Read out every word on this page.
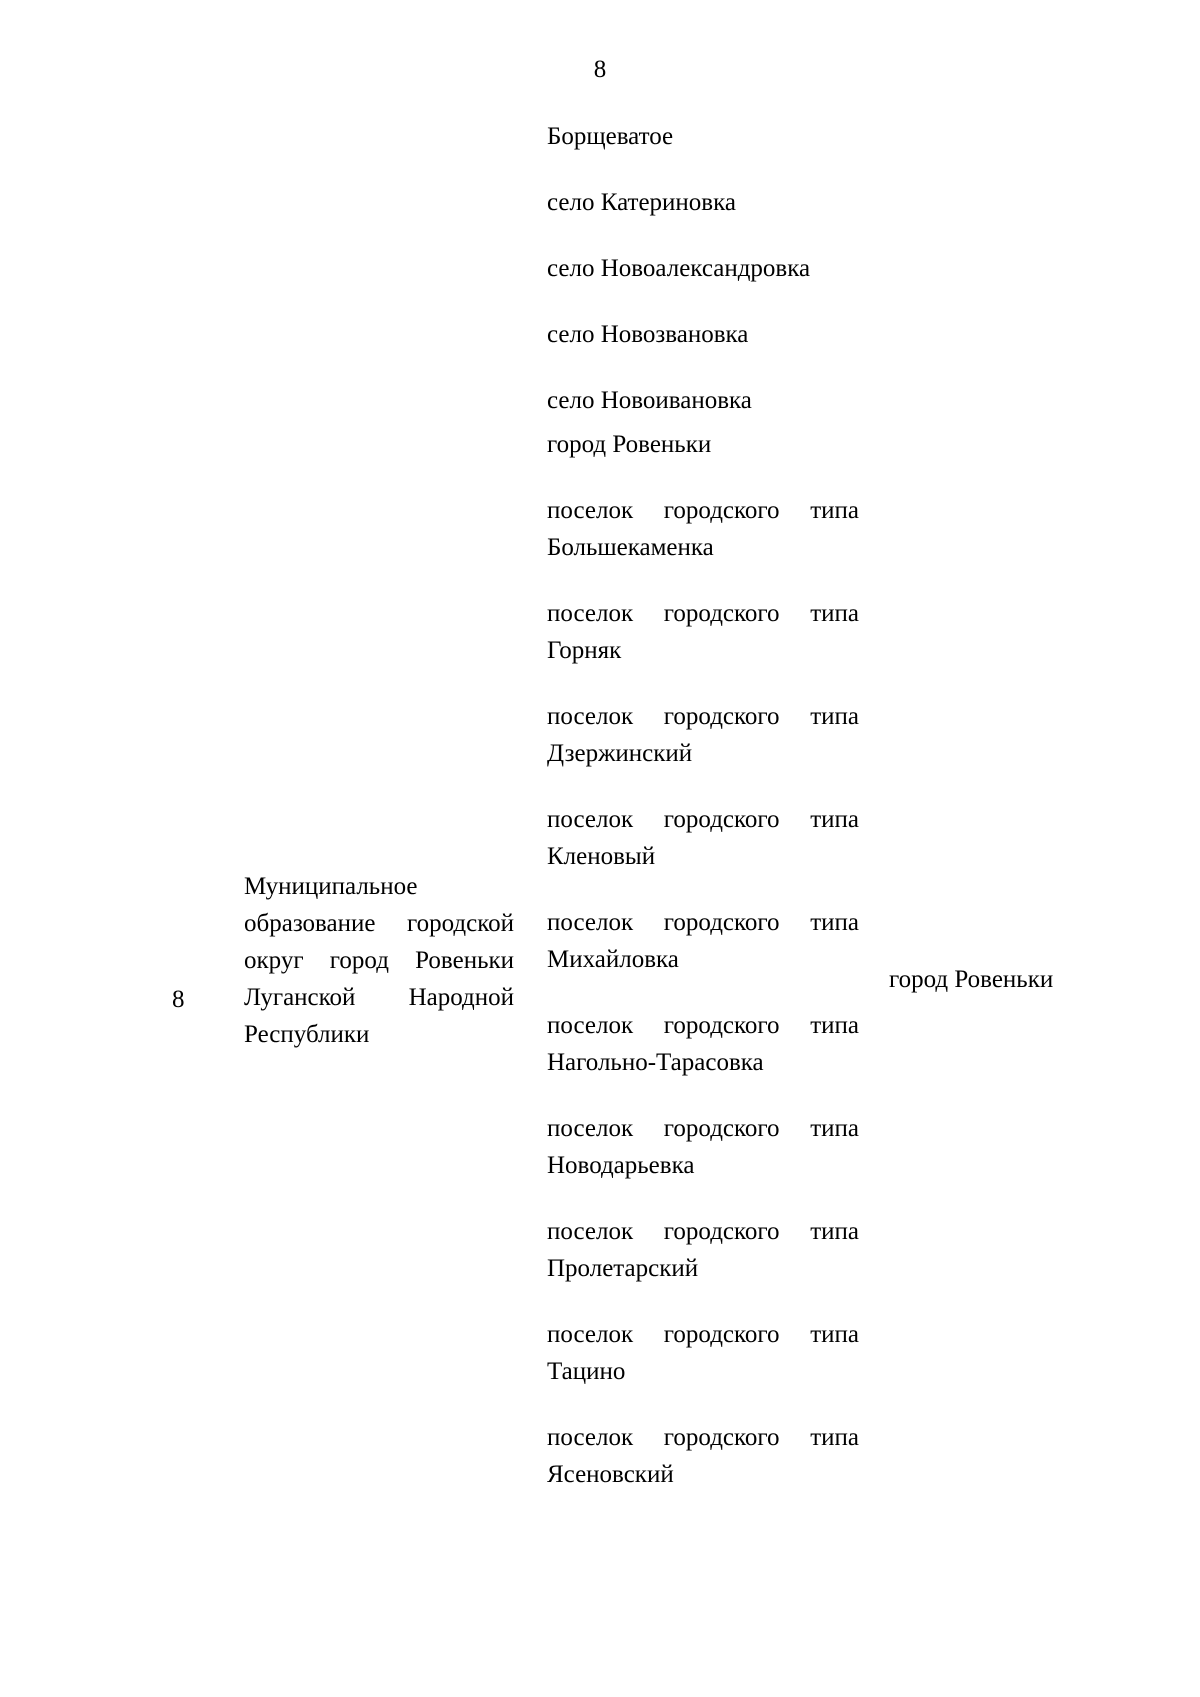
8

Борщеватое

село Катериновка

село Новоалександровка

село Новозвановка

село Новоивановка

город Ровеньки

поселок городского типа Большекаменка

поселок городского типа Горняк

поселок городского типа Дзержинский

поселок городского типа Кленовый

поселок городского типа Михайловка

поселок городского типа Нагольно-Тарасовка

поселок городского типа Новодарьевка

поселок городского типа Пролетарский

поселок городского типа Тацино

поселок городского типа Ясеновский

8
Муниципальное образование городской округ город Ровеньки Луганской Народной Республики
город Ровеньки
